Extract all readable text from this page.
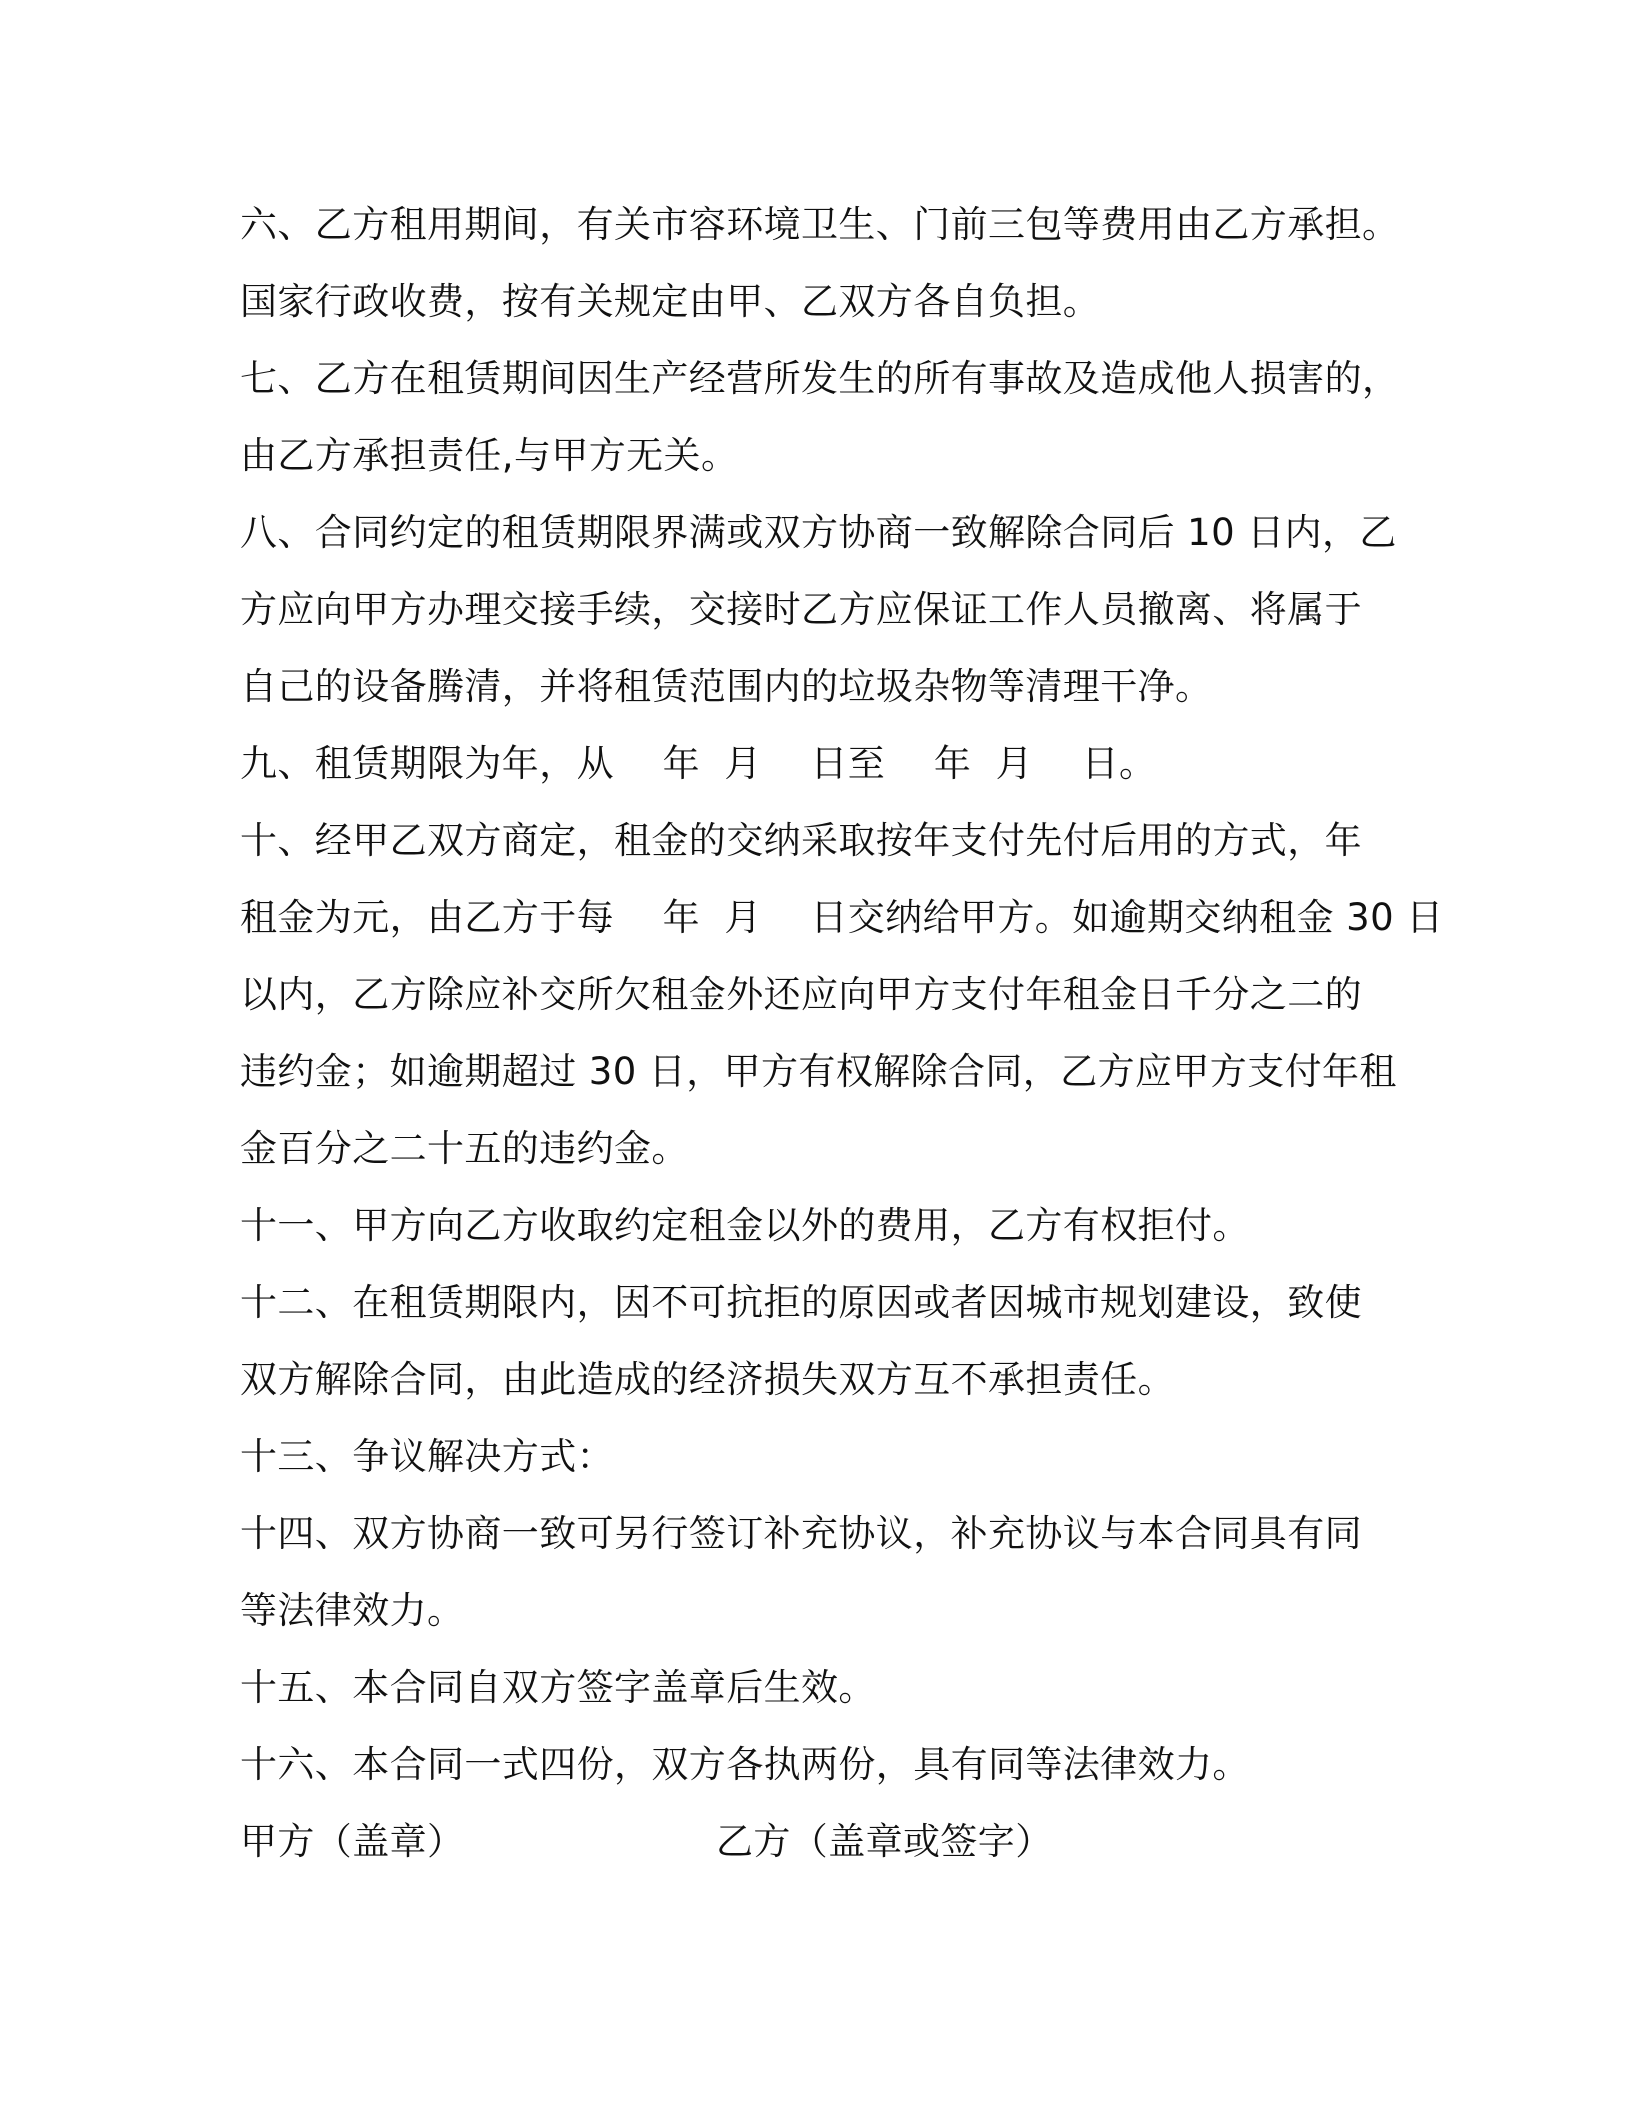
六、乙方租用期间，有关市容环境卫生、门前三包等费用由乙方承担。
国家行政收费，按有关规定由甲、乙双方各自负担。
七、乙方在租赁期间因生产经营所发生的所有事故及造成他人损害的，
由乙方承担责任,与甲方无关。
八、合同约定的租赁期限界满或双方协商一致解除合同后 10 日内，乙
方应向甲方办理交接手续，交接时乙方应保证工作人员撤离、将属于
自己的设备腾清，并将租赁范围内的垃圾杂物等清理干净。
九、租赁期限为年，从    年  月    日至    年  月    日。
十、经甲乙双方商定，租金的交纳采取按年支付先付后用的方式，年
租金为元，由乙方于每    年  月    日交纳给甲方。如逾期交纳租金 30 日
以内，乙方除应补交所欠租金外还应向甲方支付年租金日千分之二的
违约金；如逾期超过 30 日，甲方有权解除合同，乙方应甲方支付年租
金百分之二十五的违约金。
十一、甲方向乙方收取约定租金以外的费用，乙方有权拒付。
十二、在租赁期限内，因不可抗拒的原因或者因城市规划建设，致使
双方解除合同，由此造成的经济损失双方互不承担责任。
十三、争议解决方式：
十四、双方协商一致可另行签订补充协议，补充协议与本合同具有同
等法律效力。
十五、本合同自双方签字盖章后生效。
十六、本合同一式四份，双方各执两份，具有同等法律效力。
甲方（盖章）	乙方（盖章或签字）
